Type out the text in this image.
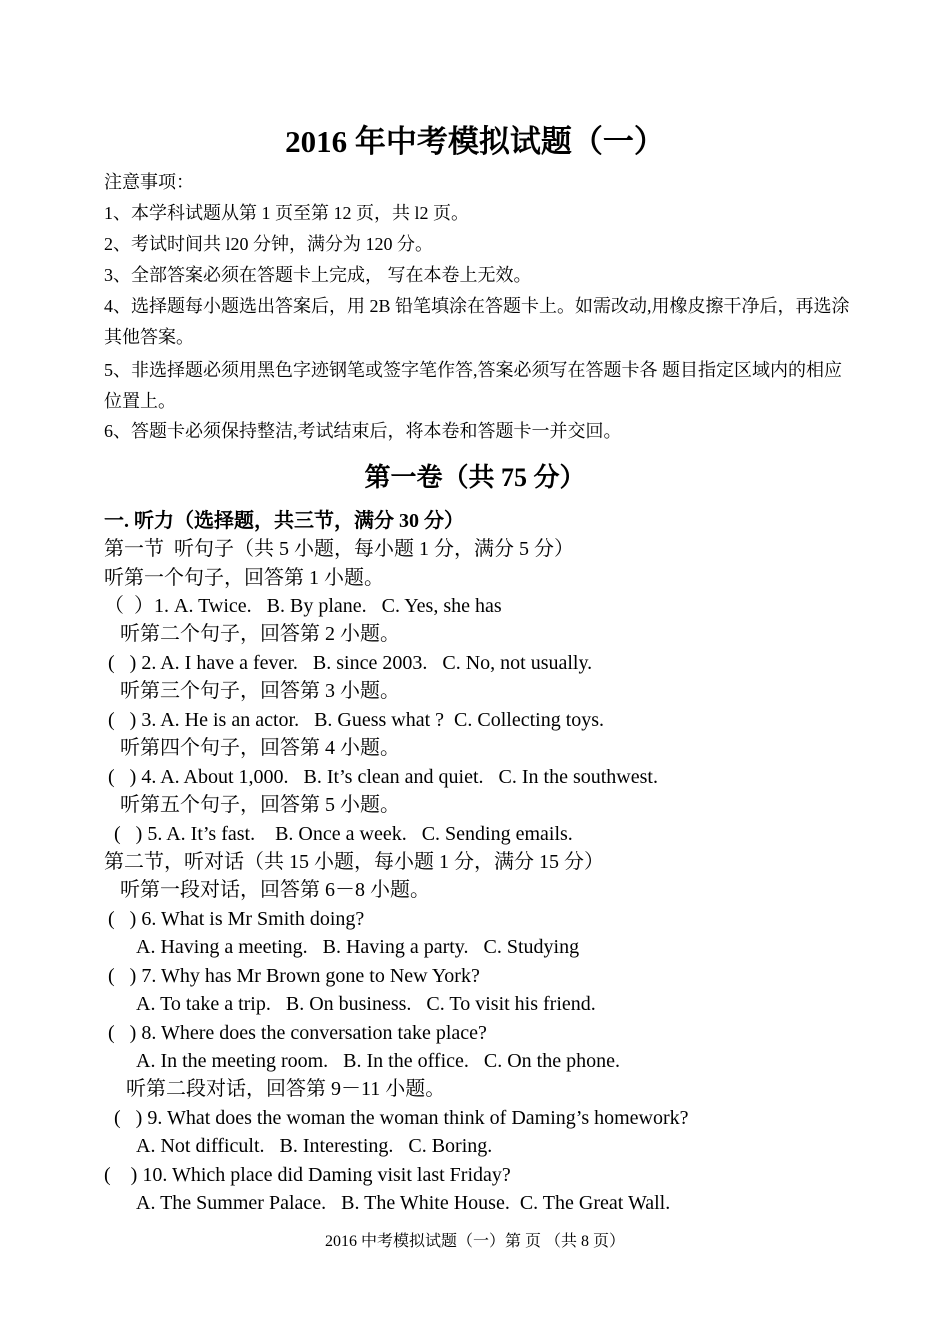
2016 年中考模拟试题（一）
注意事项：
1、本学科试题从第 1 页至第 12 页，共 l2 页。
2、考试时间共 l20 分钟，满分为 120 分。
3、全部答案必须在答题卡上完成， 写在本卷上无效。
4、选择题每小题选出答案后，用 2B 铅笔填涂在答题卡上。如需改动,用橡皮擦干净后，再选涂其他答案。
5、非选择题必须用黑色字迹钢笔或签字笔作答,答案必须写在答题卡各 题目指定区域内的相应位置上。
6、答题卡必须保持整洁,考试结束后，将本卷和答题卡一并交回。
第一卷（共 75 分）
一. 听力（选择题，共三节，满分 30 分）
第一节  听句子（共 5 小题，每小题 1 分，满分 5 分）
听第一个句子，回答第 1 小题。
（  ）1. A. Twice.   B. By plane.   C. Yes, she has
听第二个句子，回答第 2 小题。
(   ) 2. A. I have a fever.   B. since 2003.   C. No, not usually.
听第三个句子，回答第 3 小题。
(   ) 3. A. He is an actor.   B. Guess what ?  C. Collecting toys.
听第四个句子，回答第 4 小题。
(   ) 4. A. About 1,000.   B. It’s clean and quiet.   C. In the southwest.
听第五个句子，回答第 5 小题。
(   ) 5. A. It’s fast.    B. Once a week.   C. Sending emails.
第二节，听对话（共 15 小题，每小题 1 分，满分 15 分）
听第一段对话，回答第 6－8 小题。
(   ) 6. What is Mr Smith doing?
A. Having a meeting.   B. Having a party.   C. Studying
(   ) 7. Why has Mr Brown gone to New York?
A. To take a trip.   B. On business.   C. To visit his friend.
(   ) 8. Where does the conversation take place?
A. In the meeting room.   B. In the office.   C. On the phone.
听第二段对话，回答第 9－11 小题。
(   ) 9. What does the woman the woman think of Daming’s homework?
A. Not difficult.   B. Interesting.   C. Boring.
(    ) 10. Which place did Daming visit last Friday?
A. The Summer Palace.   B. The White House.  C. The Great Wall.
2016 中考模拟试题（一）第 页 （共 8 页）
